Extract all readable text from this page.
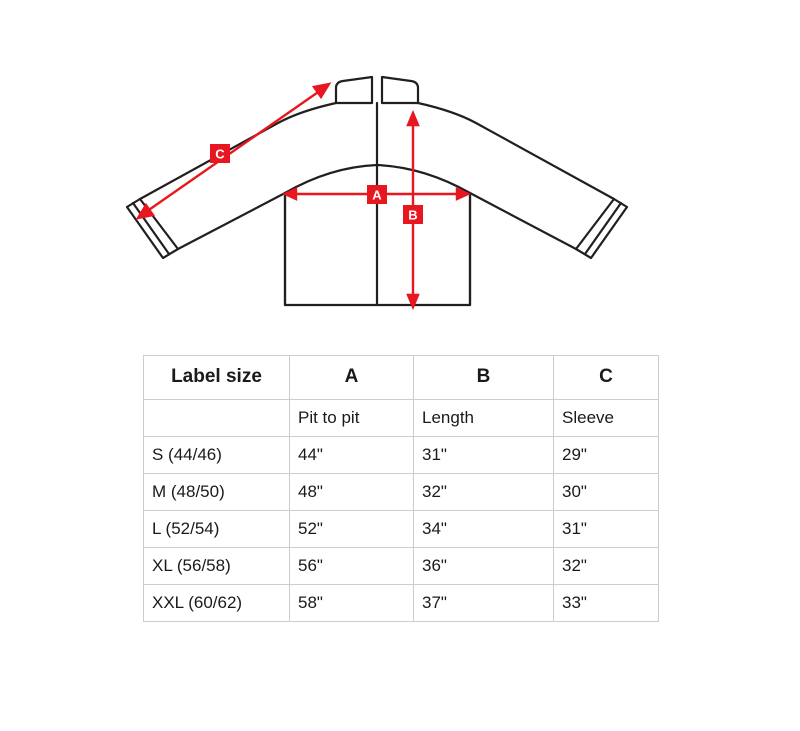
A
B
C
Label size	A	B	C
	Pit to pit	Length	Sleeve
S (44/46)	44"	31"	29"
M (48/50)	48"	32"	30"
L (52/54)	52"	34"	31"
XL (56/58)	56"	36"	32"
XXL (60/62)	58"	37"	33"
